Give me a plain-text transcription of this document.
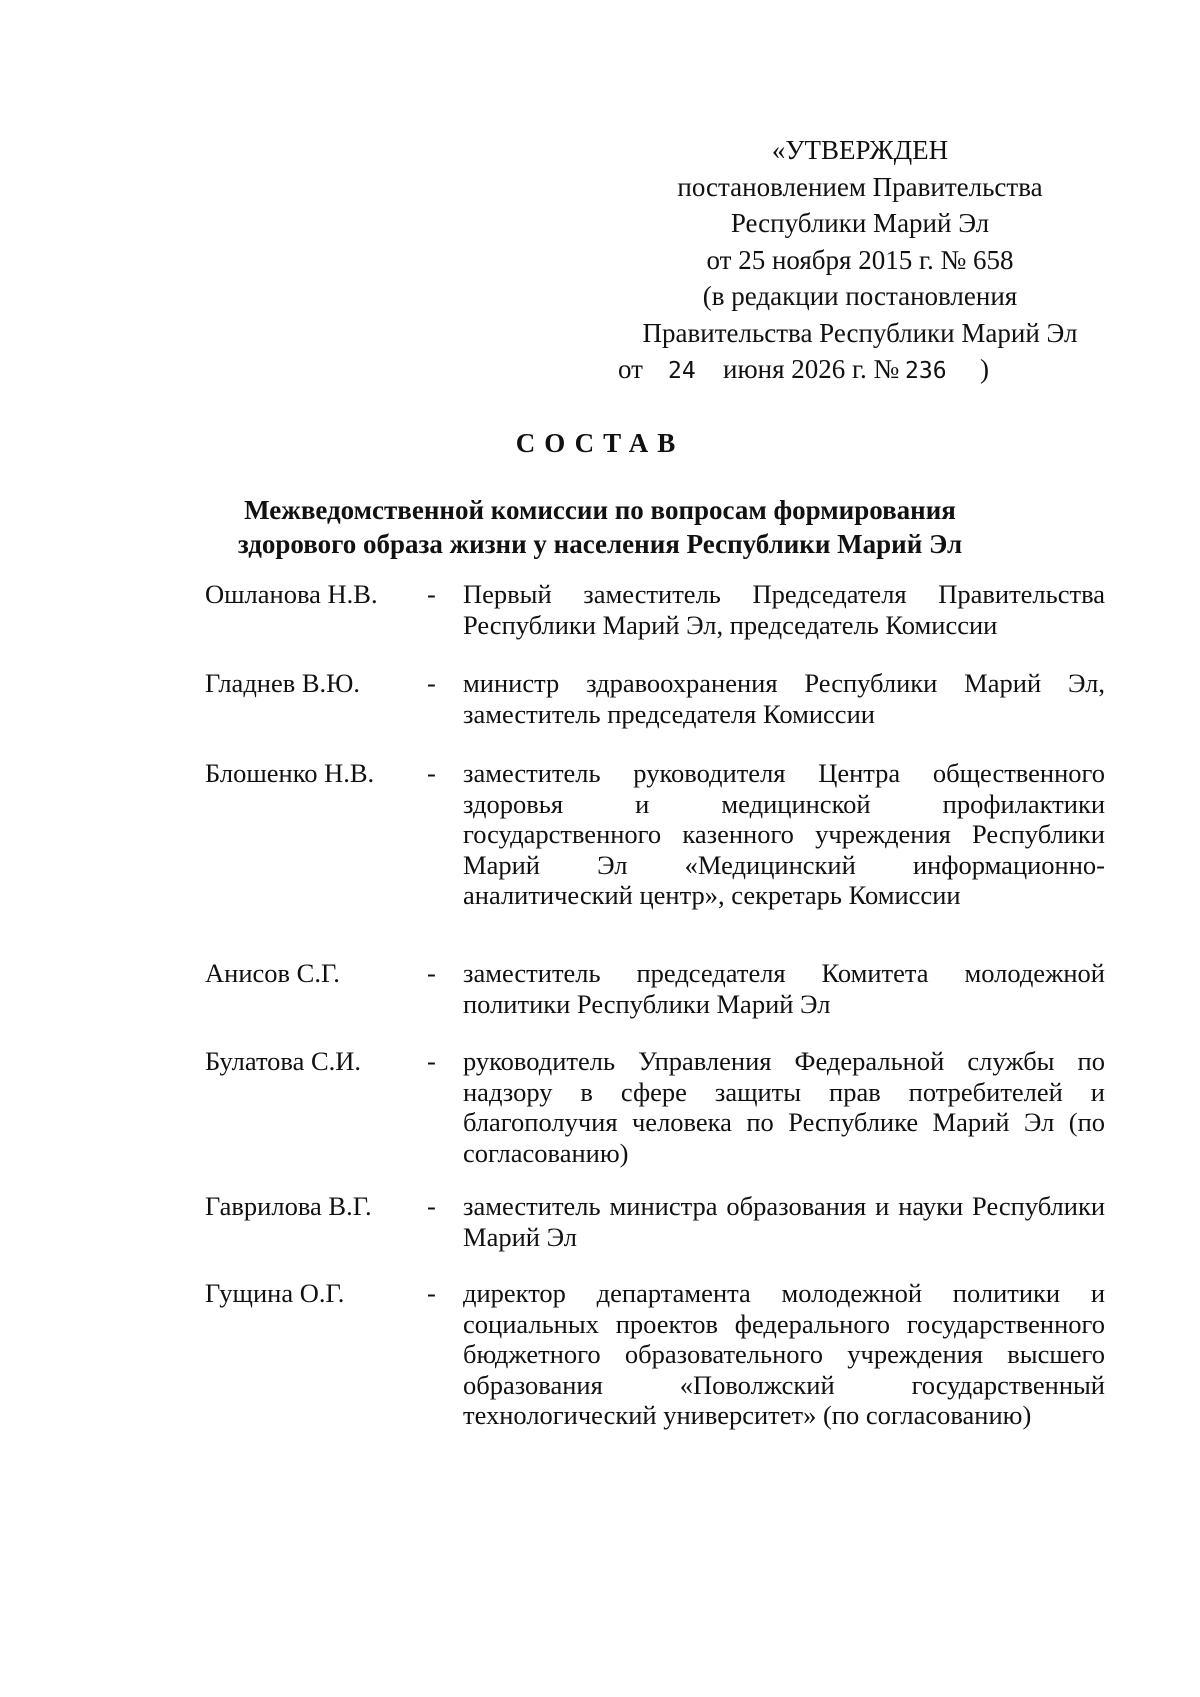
«УТВЕРЖДЕН
постановлением Правительства
Республики Марий Эл
от 25 ноября 2015 г. № 658
(в редакции постановления
Правительства Республики Марий Эл
от 24 июня 2026 г. № 236 )
СОСТАВ
Межведомственной комиссии по вопросам формирования
здорового образа жизни у населения Республики Марий Эл
Ошланова Н.В. - Первый заместитель Председателя Правительства Республики Марий Эл, председатель Комиссии
Гладнев В.Ю.	- министр здравоохранения Республики Марий Эл, заместитель председателя Комиссии
Блошенко Н.В. - заместитель руководителя Центра общественного здоровья и медицинской профилактики государственного казенного учреждения Республики Марий Эл «Медицинский информационно-аналитический центр», секретарь Комиссии
Анисов С.Г.	- заместитель председателя Комитета молодежной политики Республики Марий Эл
Булатова С.И. - руководитель Управления Федеральной службы по надзору в сфере защиты прав потребителей и благополучия человека по Республике Марий Эл (по согласованию)
Гаврилова В.Г. - заместитель министра образования и науки Республики Марий Эл
Гущина О.Г.	- директор департамента молодежной политики и социальных проектов федерального государственного бюджетного образовательного учреждения высшего образования «Поволжский государственный технологический университет» (по согласованию)
